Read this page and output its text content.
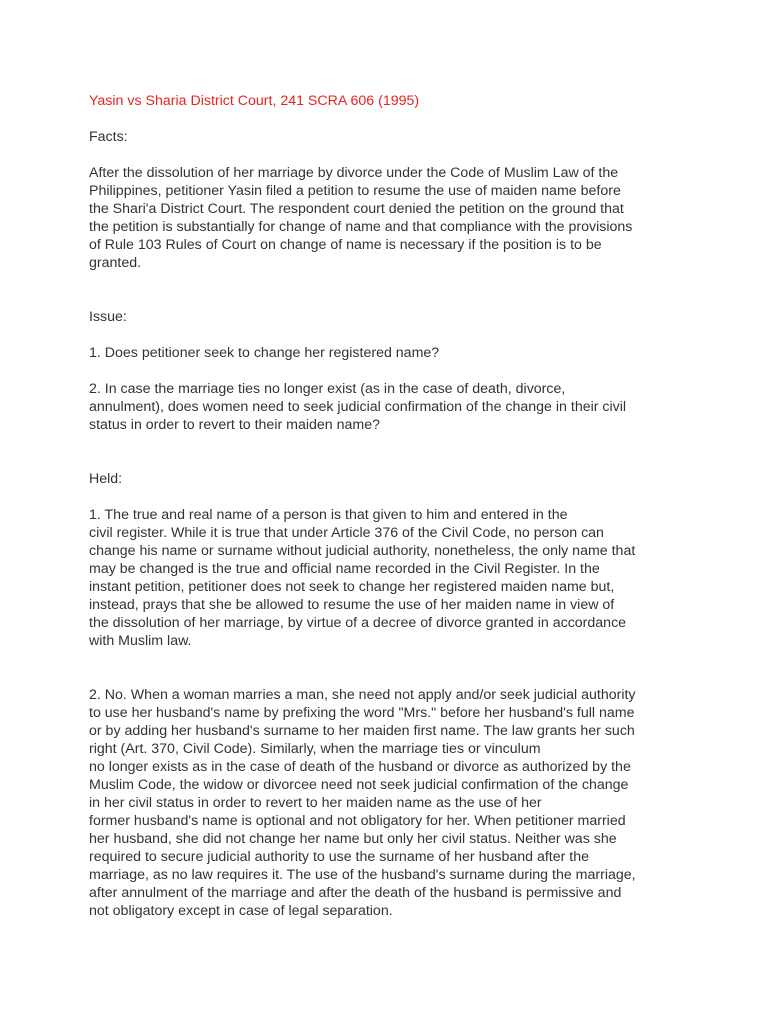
Yasin vs Sharia District Court, 241 SCRA 606 (1995)
Facts:
After the dissolution of her marriage by divorce under the Code of Muslim Law of the
Philippines, petitioner Yasin filed a petition to resume the use of maiden name before
the Shari'a District Court. The respondent court denied the petition on the ground that
the petition is substantially for change of name and that compliance with the provisions
of Rule 103 Rules of Court on change of name is necessary if the position is to be
granted.
Issue:
1. Does petitioner seek to change her registered name?
2. In case the marriage ties no longer exist (as in the case of death, divorce,
annulment), does women need to seek judicial confirmation of the change in their civil
status in order to revert to their maiden name?
Held:
1. The true and real name of a person is that given to him and entered in the
civil register. While it is true that under Article 376 of the Civil Code, no person can
change his name or surname without judicial authority, nonetheless, the only name that
may be changed is the true and official name recorded in the Civil Register. In the
instant petition, petitioner does not seek to change her registered maiden name but,
instead, prays that she be allowed to resume the use of her maiden name in view of
the dissolution of her marriage, by virtue of a decree of divorce granted in accordance
with Muslim law.
2. No. When a woman marries a man, she need not apply and/or seek judicial authority
to use her husband's name by prefixing the word "Mrs." before her husband's full name
or by adding her husband's surname to her maiden first name. The law grants her such
right (Art. 370, Civil Code). Similarly, when the marriage ties or vinculum
no longer exists as in the case of death of the husband or divorce as authorized by the
Muslim Code, the widow or divorcee need not seek judicial confirmation of the change
in her civil status in order to revert to her maiden name as the use of her
former husband's name is optional and not obligatory for her. When petitioner married
her husband, she did not change her name but only her civil status. Neither was she
required to secure judicial authority to use the surname of her husband after the
marriage, as no law requires it. The use of the husband's surname during the marriage,
after annulment of the marriage and after the death of the husband is permissive and
not obligatory except in case of legal separation.
